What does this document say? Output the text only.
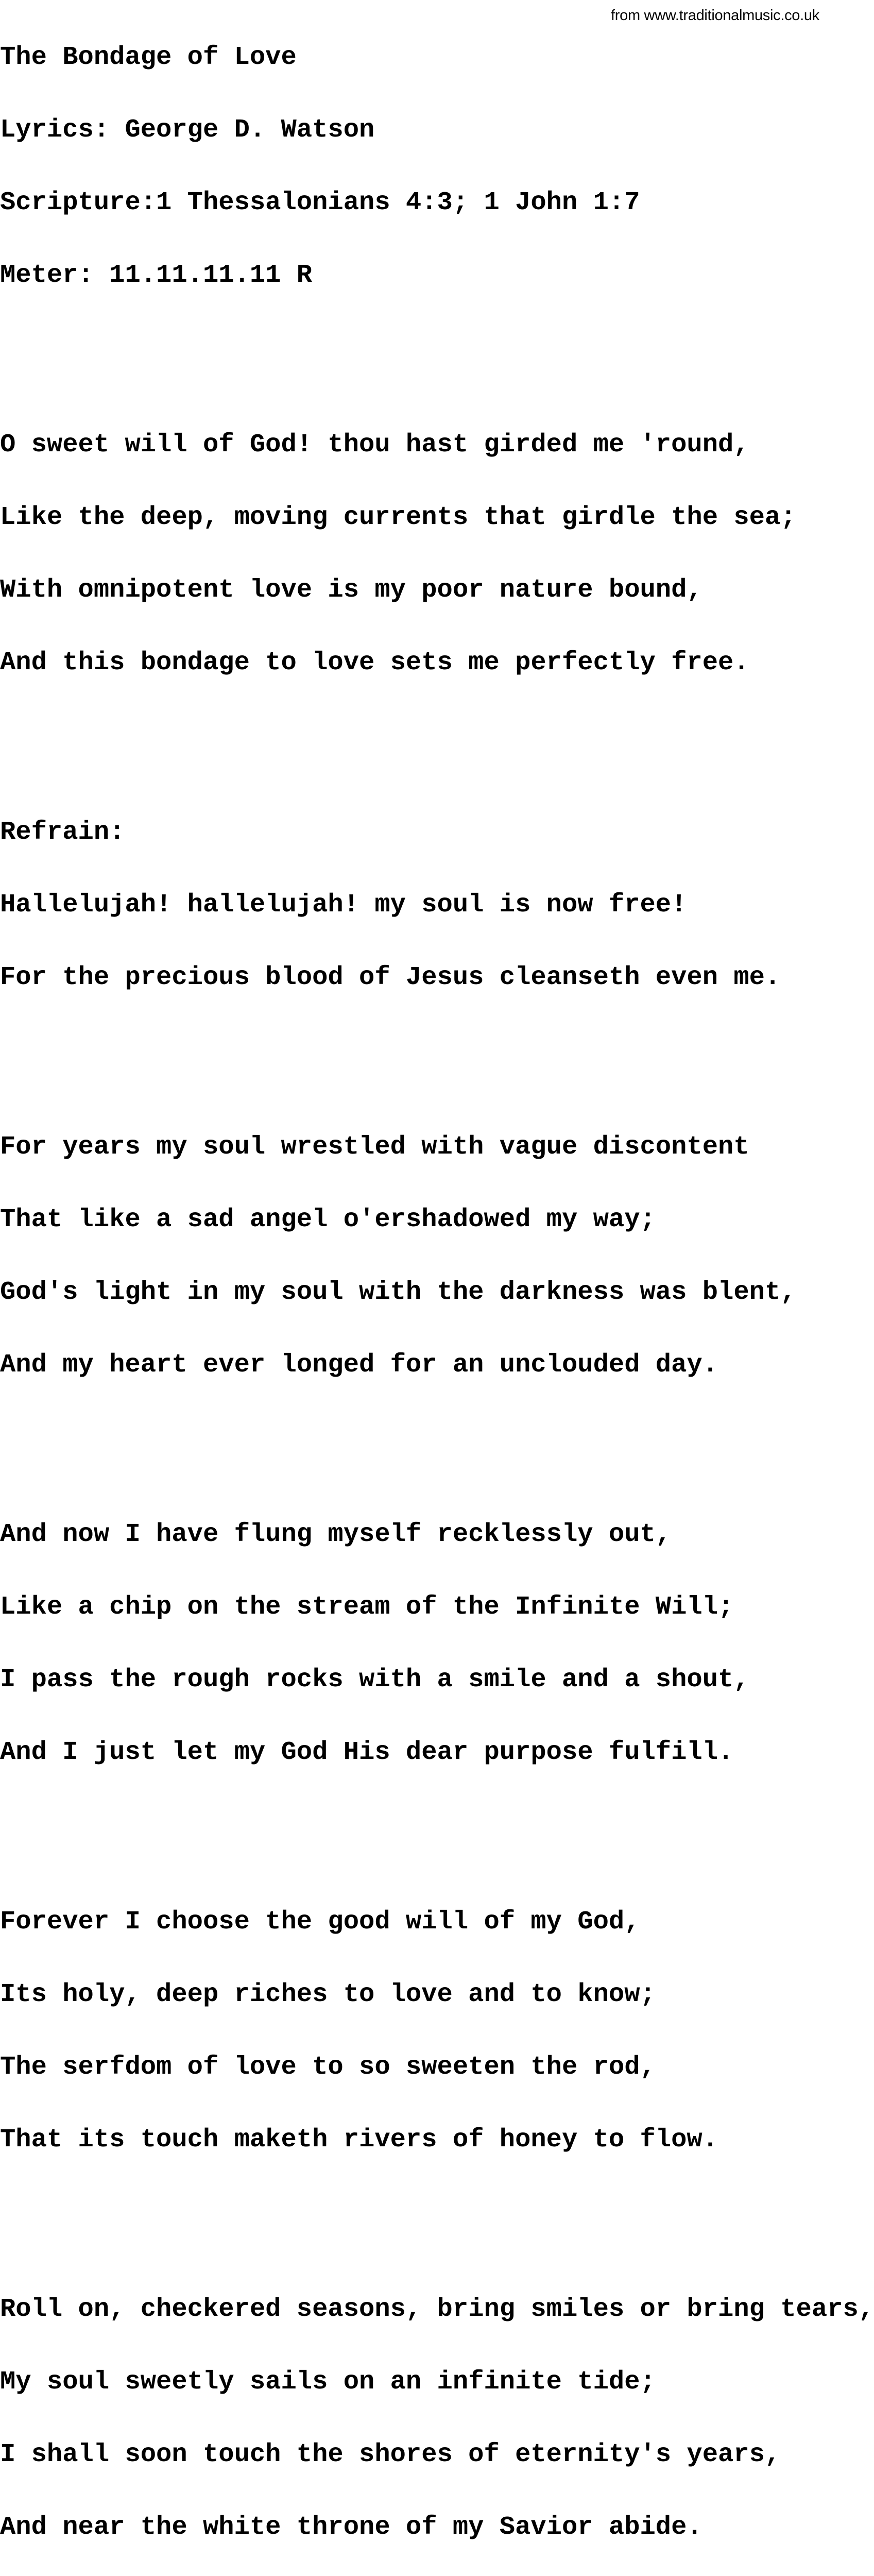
from www.traditionalmusic.co.uk

The Bondage of Love

Lyrics: George D. Watson

Scripture:1 Thessalonians 4:3; 1 John 1:7

Meter: 11.11.11.11 R

O sweet will of God! thou hast girded me 'round,

Like the deep, moving currents that girdle the sea;

With omnipotent love is my poor nature bound,

And this bondage to love sets me perfectly free.

Refrain:

Hallelujah! hallelujah! my soul is now free!

For the precious blood of Jesus cleanseth even me.

For years my soul wrestled with vague discontent

That like a sad angel o'ershadowed my way;

God's light in my soul with the darkness was blent,

And my heart ever longed for an unclouded day.

And now I have flung myself recklessly out,

Like a chip on the stream of the Infinite Will;

I pass the rough rocks with a smile and a shout,

And I just let my God His dear purpose fulfill.

Forever I choose the good will of my God,

Its holy, deep riches to love and to know;

The serfdom of love to so sweeten the rod,

That its touch maketh rivers of honey to flow.

Roll on, checkered seasons, bring smiles or bring tears,

My soul sweetly sails on an infinite tide;

I shall soon touch the shores of eternity's years,

And near the white throne of my Savior abide.
